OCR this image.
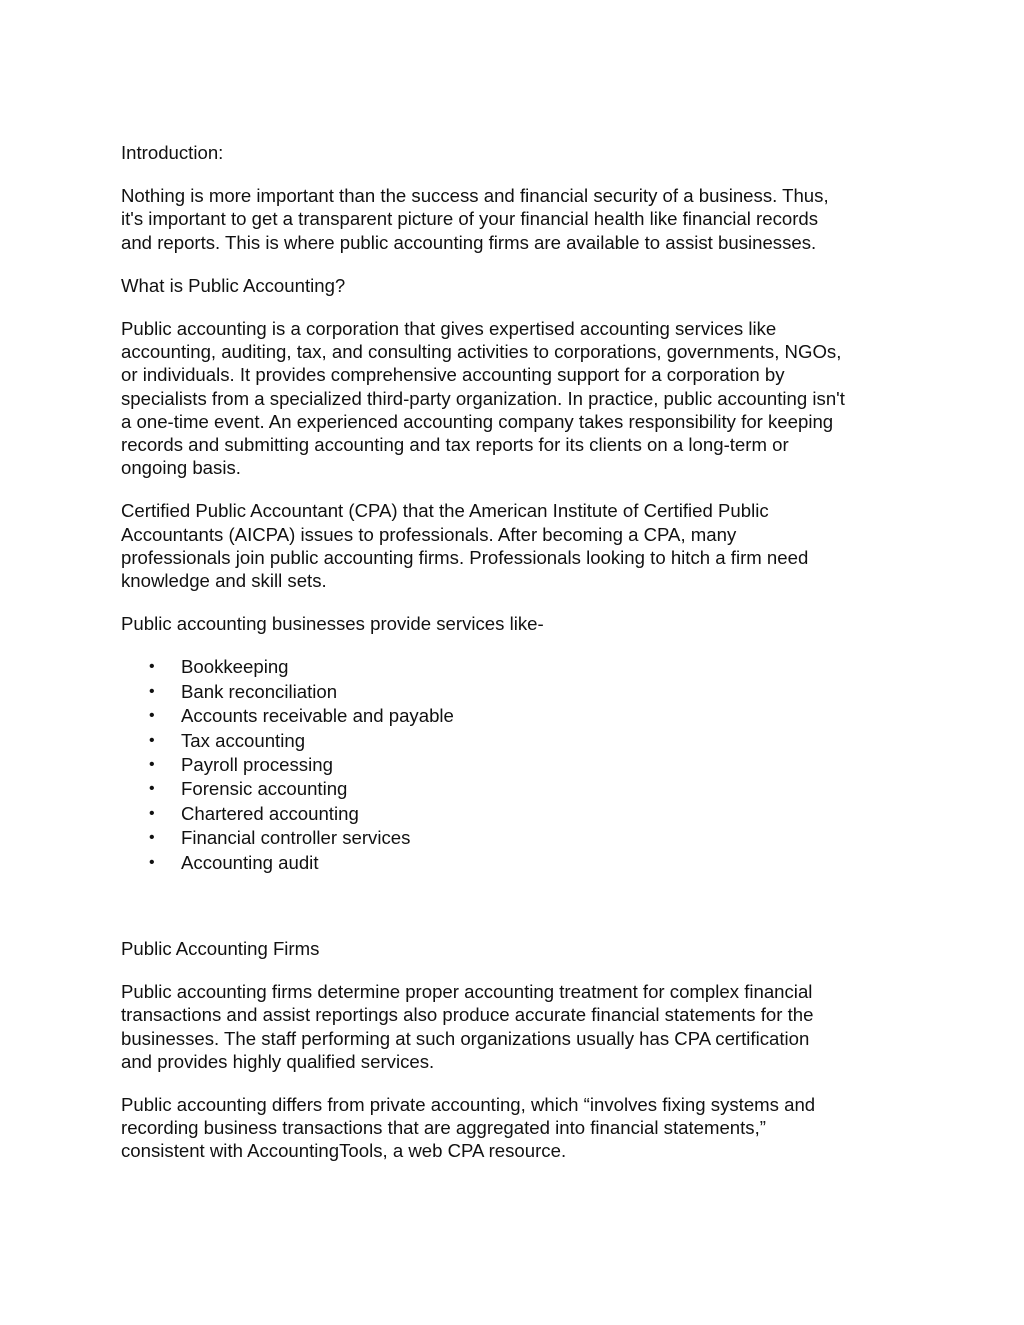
Introduction:

Nothing is more important than the success and financial security of a business. Thus,
it's important to get a transparent picture of your financial health like financial records
and reports. This is where public accounting firms are available to assist businesses.

What is Public Accounting?

Public accounting is a corporation that gives expertised accounting services like
accounting, auditing, tax, and consulting activities to corporations, governments, NGOs,
or individuals. It provides comprehensive accounting support for a corporation by
specialists from a specialized third-party organization. In practice, public accounting isn't
a one-time event. An experienced accounting company takes responsibility for keeping
records and submitting accounting and tax reports for its clients on a long-term or
ongoing basis.

Certified Public Accountant (CPA) that the American Institute of Certified Public
Accountants (AICPA) issues to professionals. After becoming a CPA, many
professionals join public accounting firms. Professionals looking to hitch a firm need
knowledge and skill sets.

Public accounting businesses provide services like-

• Bookkeeping
• Bank reconciliation
• Accounts receivable and payable
• Tax accounting
• Payroll processing
• Forensic accounting
• Chartered accounting
• Financial controller services
• Accounting audit

Public Accounting Firms

Public accounting firms determine proper accounting treatment for complex financial
transactions and assist reportings also produce accurate financial statements for the
businesses. The staff performing at such organizations usually has CPA certification
and provides highly qualified services.

Public accounting differs from private accounting, which “involves fixing systems and
recording business transactions that are aggregated into financial statements,”
consistent with AccountingTools, a web CPA resource.
